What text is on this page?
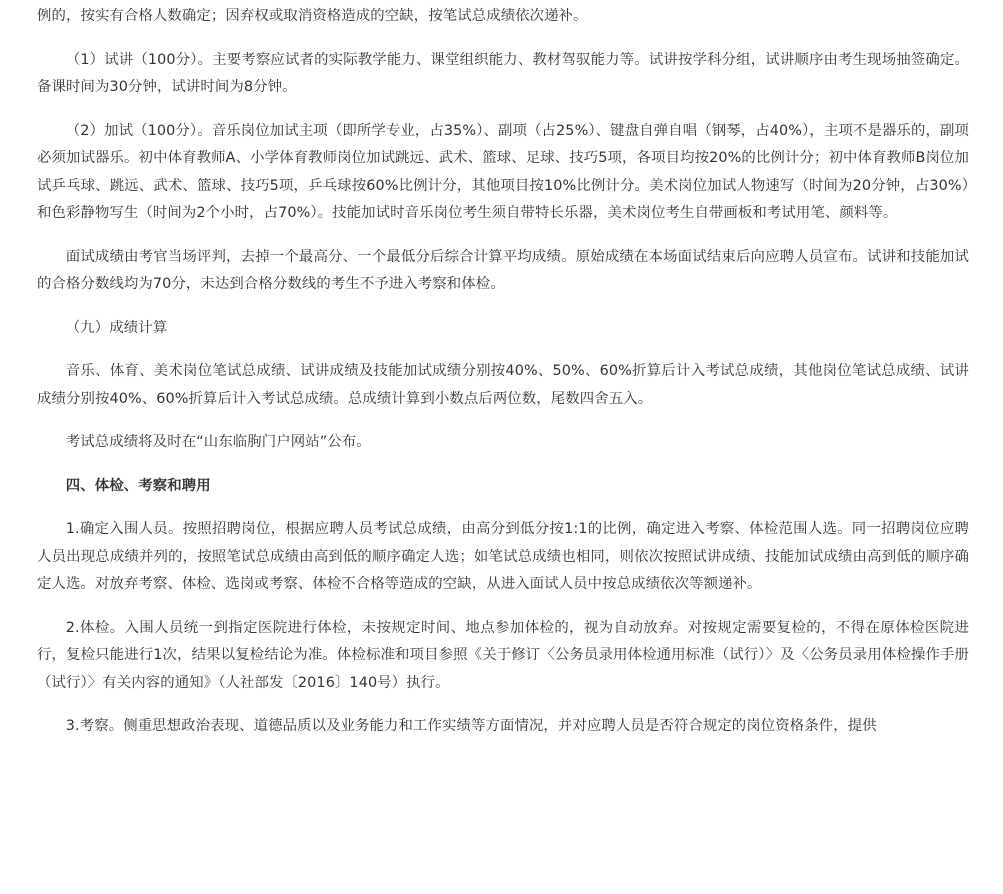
例的，按实有合格人数确定；因弃权或取消资格造成的空缺，按笔试总成绩依次递补。

（1）试讲（100分）。主要考察应试者的实际教学能力、课堂组织能力、教材驾驭能力等。试讲按学科分组，试讲顺序由考生现场抽签确定。备课时间为30分钟，试讲时间为8分钟。

（2）加试（100分）。音乐岗位加试主项（即所学专业，占35%）、副项（占25%）、键盘自弹自唱（钢琴，占40%），主项不是器乐的，副项必须加试器乐。初中体育教师A、小学体育教师岗位加试跳远、武术、篮球、足球、技巧5项，各项目均按20%的比例计分；初中体育教师B岗位加试乒乓球、跳远、武术、篮球、技巧5项，乒乓球按60%比例计分，其他项目按10%比例计分。美术岗位加试人物速写（时间为20分钟，占30%）和色彩静物写生（时间为2个小时，占70%）。技能加试时音乐岗位考生须自带特长乐器，美术岗位考生自带画板和考试用笔、颜料等。

面试成绩由考官当场评判，去掉一个最高分、一个最低分后综合计算平均成绩。原始成绩在本场面试结束后向应聘人员宣布。试讲和技能加试的合格分数线均为70分，未达到合格分数线的考生不予进入考察和体检。

（九）成绩计算

音乐、体育、美术岗位笔试总成绩、试讲成绩及技能加试成绩分别按40%、50%、60%折算后计入考试总成绩，其他岗位笔试总成绩、试讲成绩分别按40%、60%折算后计入考试总成绩。总成绩计算到小数点后两位数，尾数四舍五入。

考试总成绩将及时在“山东临朐门户网站”公布。

四、体检、考察和聘用

1.确定入围人员。按照招聘岗位，根据应聘人员考试总成绩，由高分到低分按1:1的比例，确定进入考察、体检范围人选。同一招聘岗位应聘人员出现总成绩并列的，按照笔试总成绩由高到低的顺序确定人选；如笔试总成绩也相同，则依次按照试讲成绩、技能加试成绩由高到低的顺序确定人选。对放弃考察、体检、选岗或考察、体检不合格等造成的空缺，从进入面试人员中按总成绩依次等额递补。

2.体检。入围人员统一到指定医院进行体检，未按规定时间、地点参加体检的，视为自动放弃。对按规定需要复检的，不得在原体检医院进行，复检只能进行1次，结果以复检结论为准。体检标准和项目参照《关于修订〈公务员录用体检通用标准（试行）〉及〈公务员录用体检操作手册（试行）〉有关内容的通知》（人社部发〔2016〕140号）执行。

3.考察。侧重思想政治表现、道德品质以及业务能力和工作实绩等方面情况，并对应聘人员是否符合规定的岗位资格条件，提供
